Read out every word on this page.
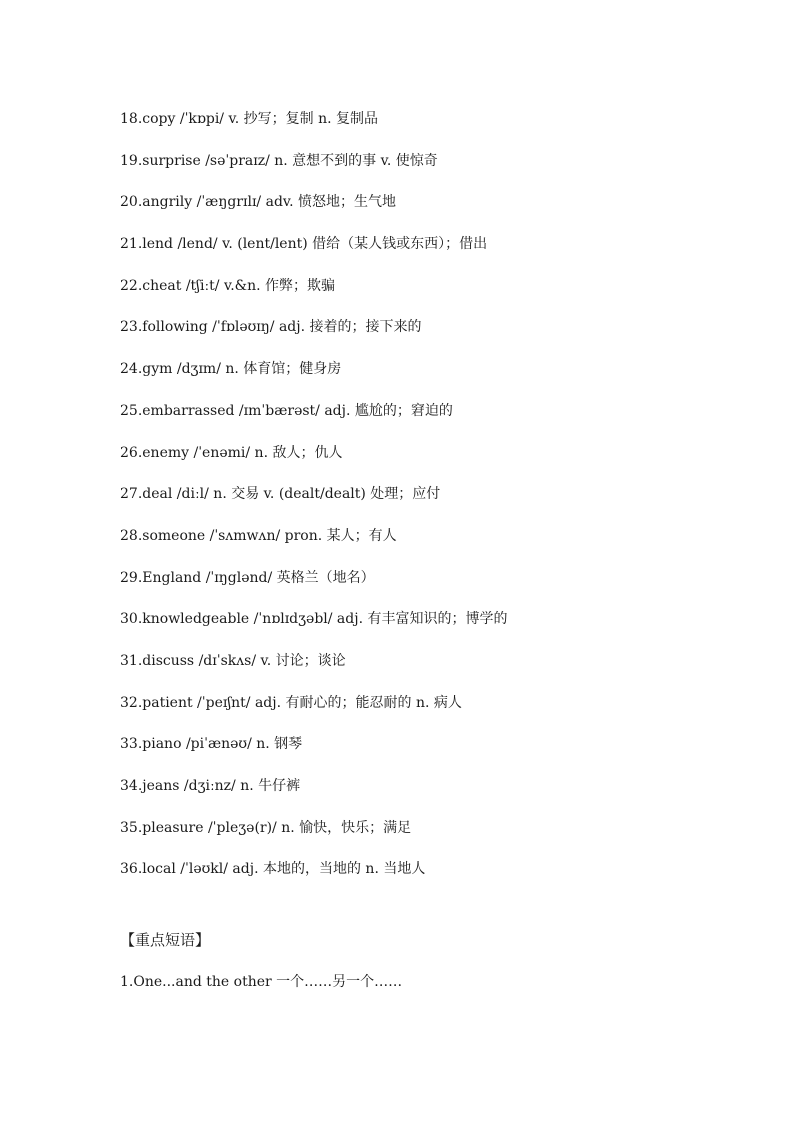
18.copy /ˈkɒpi/ v. 抄写；复制 n. 复制品
19.surprise /səˈpraɪz/ n. 意想不到的事 v. 使惊奇
20.angrily /ˈæŋgrɪlɪ/ adv. 愤怒地；生气地
21.lend /lend/ v. (lent/lent) 借给（某人钱或东西）；借出
22.cheat /tʃiːt/ v.&n. 作弊；欺骗
23.following /ˈfɒləʊɪŋ/ adj. 接着的；接下来的
24.gym /dʒɪm/ n. 体育馆；健身房
25.embarrassed /ɪmˈbærəst/ adj. 尴尬的；窘迫的
26.enemy /ˈenəmi/ n. 敌人；仇人
27.deal /diːl/ n. 交易 v. (dealt/dealt) 处理；应付
28.someone /ˈsʌmwʌn/ pron. 某人；有人
29.England /ˈɪŋglənd/ 英格兰（地名）
30.knowledgeable /ˈnɒlɪdʒəbl/ adj. 有丰富知识的；博学的
31.discuss /dɪˈskʌs/ v. 讨论；谈论
32.patient /ˈpeɪʃnt/ adj. 有耐心的；能忍耐的 n. 病人
33.piano /piˈænəʊ/ n. 钢琴
34.jeans /dʒiːnz/ n. 牛仔裤
35.pleasure /ˈpleʒə(r)/ n. 愉快，快乐；满足
36.local /ˈləʊkl/ adj. 本地的，当地的 n. 当地人
【重点短语】
1.One...and the other 一个……另一个……
